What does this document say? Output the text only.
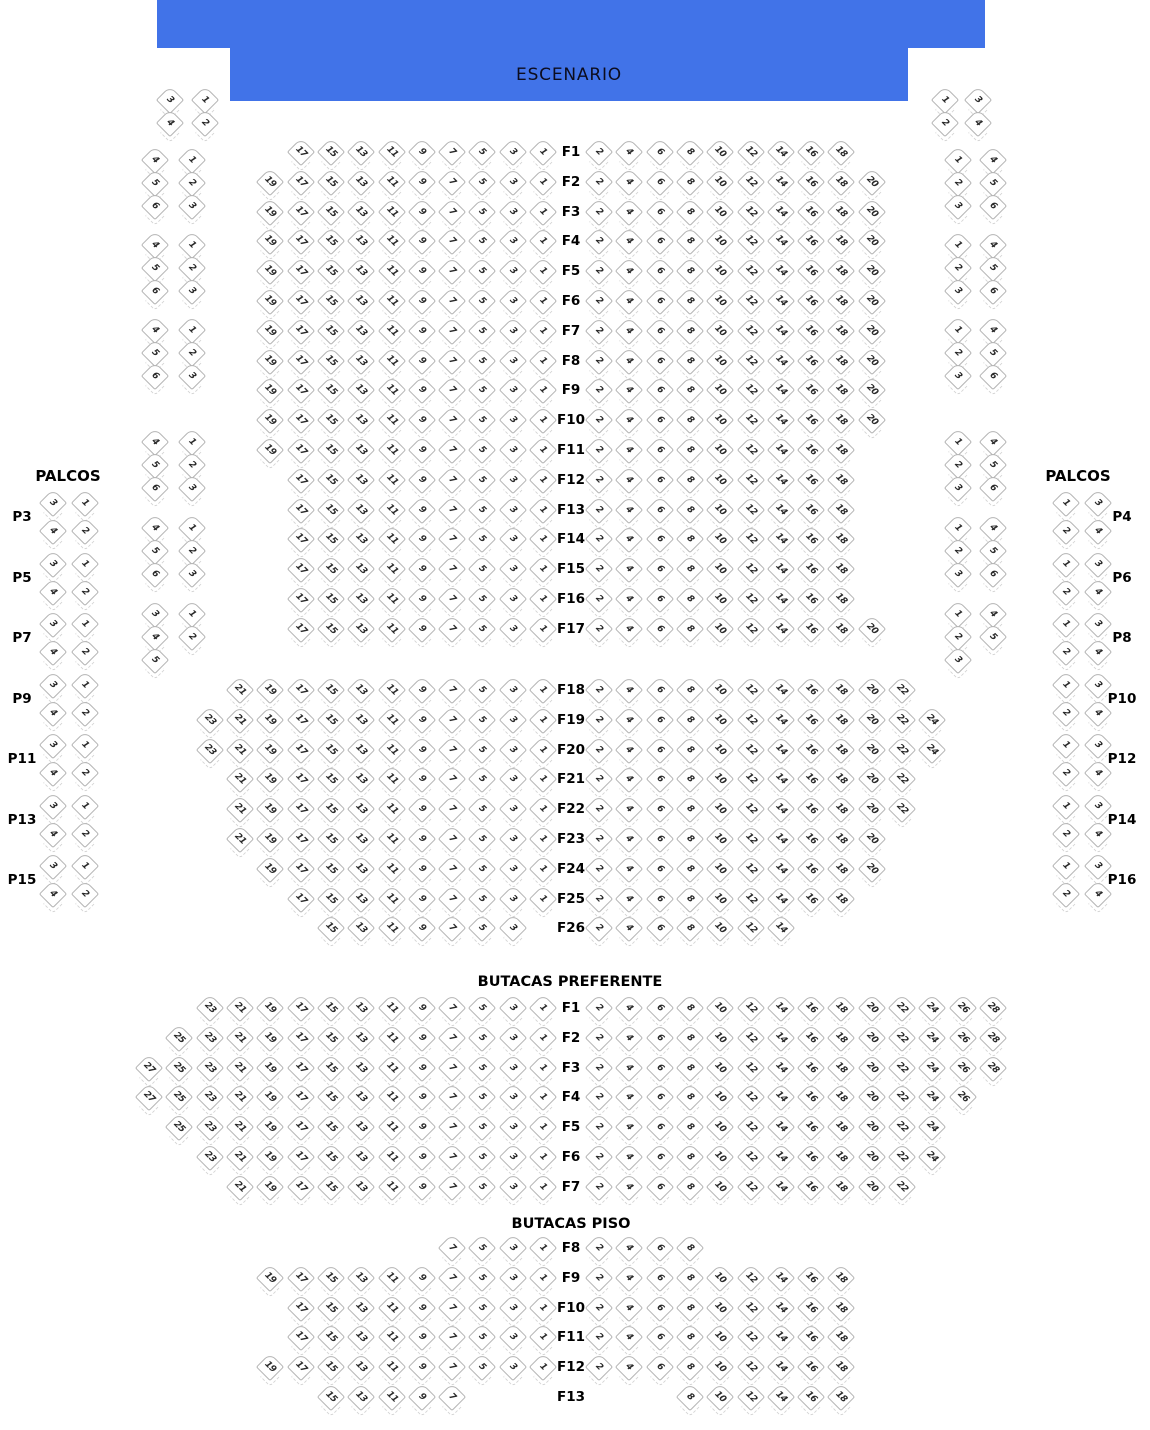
ESCENARIO
PALCOS	PALCOS
BUTACAS PREFERENTE
BUTACAS PISO
F1
17 15 13 11 9 7 5 3 1	2 4 6 8 10 12 14 16 18
F2
19 17 15 13 11 9 7 5 3 1	2 4 6 8 10 12 14 16 18 20
F3
19 17 15 13 11 9 7 5 3 1	2 4 6 8 10 12 14 16 18 20
F4
19 17 15 13 11 9 7 5 3 1	2 4 6 8 10 12 14 16 18 20
F5
19 17 15 13 11 9 7 5 3 1	2 4 6 8 10 12 14 16 18 20
F6
19 17 15 13 11 9 7 5 3 1	2 4 6 8 10 12 14 16 18 20
F7
19 17 15 13 11 9 7 5 3 1	2 4 6 8 10 12 14 16 18 20
F8
19 17 15 13 11 9 7 5 3 1	2 4 6 8 10 12 14 16 18 20
F9
19 17 15 13 11 9 7 5 3 1	2 4 6 8 10 12 14 16 18 20
F10
19 17 15 13 11 9 7 5 3 1	2 4 6 8 10 12 14 16 18 20
F11
19 17 15 13 11 9 7 5 3 1	2 4 6 8 10 12 14 16 18
F12
17 15 13 11 9 7 5 3 1	2 4 6 8 10 12 14 16 18
F13
17 15 13 11 9 7 5 3 1	2 4 6 8 10 12 14 16 18
F14
17 15 13 11 9 7 5 3 1	2 4 6 8 10 12 14 16 18
F15
17 15 13 11 9 7 5 3 1	2 4 6 8 10 12 14 16 18
F16
17 15 13 11 9 7 5 3 1	2 4 6 8 10 12 14 16 18
F17
17 15 13 11 9 7 5 3 1	2 4 6 8 10 12 14 16 18 20
F18
21 19 17 15 13 11 9 7 5 3 1	2 4 6 8 10 12 14 16 18 20 22
F19
23 21 19 17 15 13 11 9 7 5 3 1	2 4 6 8 10 12 14 16 18 20 22 24
F20
23 21 19 17 15 13 11 9 7 5 3 1	2 4 6 8 10 12 14 16 18 20 22 24
F21
21 19 17 15 13 11 9 7 5 3 1	2 4 6 8 10 12 14 16 18 20 22
F22
21 19 17 15 13 11 9 7 5 3 1	2 4 6 8 10 12 14 16 18 20 22
F23
21 19 17 15 13 11 9 7 5 3 1	2 4 6 8 10 12 14 16 18 20
F24
19 17 15 13 11 9 7 5 3 1	2 4 6 8 10 12 14 16 18 20
F25
17 15 13 11 9 7 5 3 1	2 4 6 8 10 12 14 16 18
F26
15 13 11 9 7 5 3	2 4 6 8 10 12 14
F1
23 21 19 17 15 13 11 9 7 5 3 1	2 4 6 8 10 12 14 16 18 20 22 24 26 28
F2
25 23 21 19 17 15 13 11 9 7 5 3 1	2 4 6 8 10 12 14 16 18 20 22 24 26 28
F3
27 25 23 21 19 17 15 13 11 9 7 5 3 1	2 4 6 8 10 12 14 16 18 20 22 24 26 28
F4
27 25 23 21 19 17 15 13 11 9 7 5 3 1	2 4 6 8 10 12 14 16 18 20 22 24 26
F5
25 23 21 19 17 15 13 11 9 7 5 3 1	2 4 6 8 10 12 14 16 18 20 22 24
F6
23 21 19 17 15 13 11 9 7 5 3 1	2 4 6 8 10 12 14 16 18 20 22 24
F7
21 19 17 15 13 11 9 7 5 3 1	2 4 6 8 10 12 14 16 18 20 22
F8
7 5 3 1	2 4 6 8
F9
19 17 15 13 11 9 7 5 3 1	2 4 6 8 10 12 14 16 18
F10
17 15 13 11 9 7 5 3 1	2 4 6 8 10 12 14 16 18
F11
17 15 13 11 9 7 5 3 1	2 4 6 8 10 12 14 16 18
F12
19 17 15 13 11 9 7 5 3 1	2 4 6 8 10 12 14 16 18
F13
15 13 11 9 7	8 10 12 14 16 18
3	1
4	2
4	1
5	2
6	3
4	1
5	2
6	3
4	1
5	2
6	3
4	1
5	2
6	3
4	1
5	2
6	3
3	1
4	2
5
1 3
2 4
1	4
2	5
3	6
1	4
2	5
3	6
1	4
2	5
3	6
1	4
2	5
3	6
1	4
2	5
3	6
1	4
2	5
3
P3
3 1
4 2
P5
3 1
4 2
P7
3 1
4 2
P9
3 1
4 2
P11
3 1
4 2
P13
3 1
4 2
P15
3 1
4 2
P4
1 3
2 4
P6
1 3
2 4
P8
1 3
2 4
P10
1 3
2 4
P12
1 3
2 4
P14
1 3
2 4
P16
1 3
2 4
